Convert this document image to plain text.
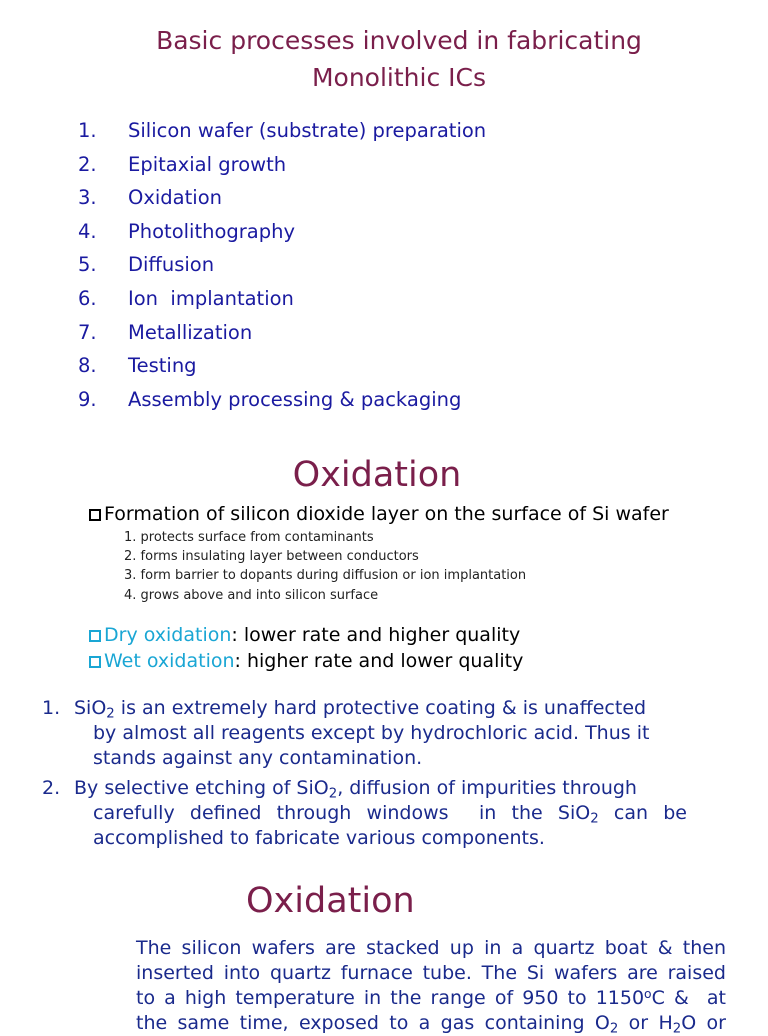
Basic processes involved in fabricating
Monolithic ICs
1. Silicon wafer (substrate) preparation
2. Epitaxial growth
3. Oxidation
4. Photolithography
5. Diffusion
6. Ion  implantation
7. Metallization
8. Testing
9. Assembly processing & packaging
Oxidation
Formation of silicon dioxide layer on the surface of Si wafer
1. protects surface from contaminants
2. forms insulating layer between conductors
3. form barrier to dopants during diffusion or ion implantation
4. grows above and into silicon surface
Dry oxidation: lower rate and higher quality
Wet oxidation: higher rate and lower quality
1. SiO$_2$ is an extremely hard protective coating & is unaffected
by almost all reagents except by hydrochloric acid. Thus it
stands against any contamination.
2. By selective etching of SiO$_2$, diffusion of impurities through
carefully defined through windows  in the SiO$_2$ can be
accomplished to fabricate various components.
Oxidation
The silicon wafers are stacked up in a quartz boat & then
inserted into quartz furnace tube. The Si wafers are raised
to a high temperature in the range of 950 to 1150$^o$C &  at
the same time, exposed to a gas containing $O_2$ or $H_2O$ or
